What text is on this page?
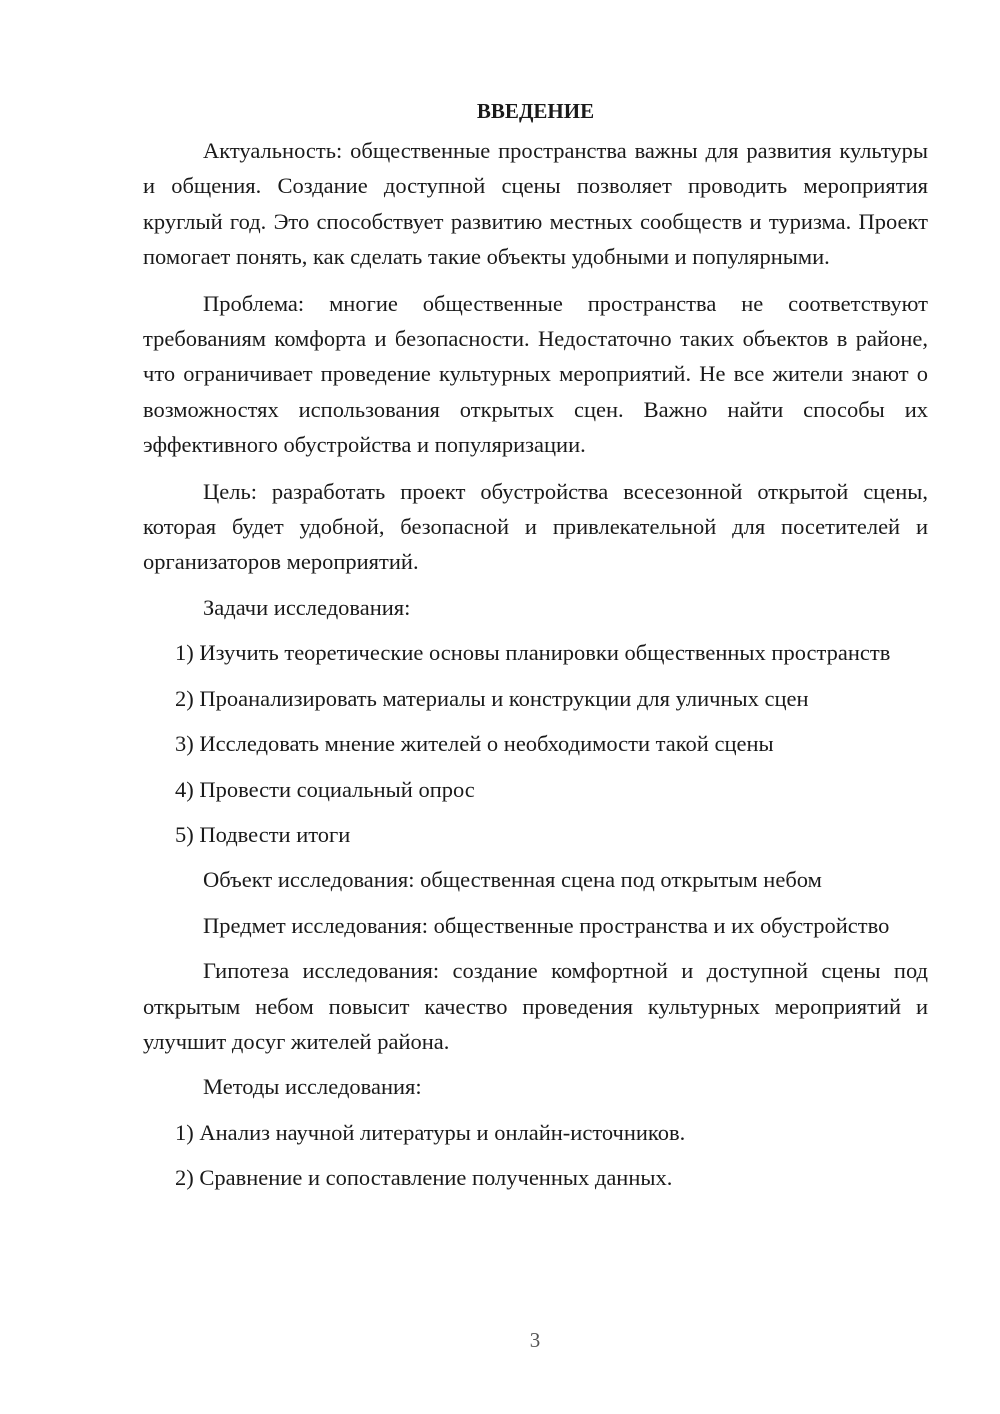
ВВЕДЕНИЕ

Актуальность: общественные пространства важны для развития культуры и общения. Создание доступной сцены позволяет проводить мероприятия круглый год. Это способствует развитию местных сообществ и туризма. Проект помогает понять, как сделать такие объекты удобными и популярными.

Проблема: многие общественные пространства не соответствуют требованиям комфорта и безопасности. Недостаточно таких объектов в районе, что ограничивает проведение культурных мероприятий. Не все жители знают о возможностях использования открытых сцен. Важно найти способы их эффективного обустройства и популяризации.

Цель: разработать проект обустройства всесезонной открытой сцены, которая будет удобной, безопасной и привлекательной для посетителей и организаторов мероприятий.

Задачи исследования:

1) Изучить теоретические основы планировки общественных пространств

2) Проанализировать материалы и конструкции для уличных сцен

3) Исследовать мнение жителей о необходимости такой сцены

4) Провести социальный опрос

5) Подвести итоги

Объект исследования: общественная сцена под открытым небом

Предмет исследования: общественные пространства и их обустройство

Гипотеза исследования: создание комфортной и доступной сцены под открытым небом повысит качество проведения культурных мероприятий и улучшит досуг жителей района.

Методы исследования:

1) Анализ научной литературы и онлайн-источников.

2) Сравнение и сопоставление полученных данных.

3
